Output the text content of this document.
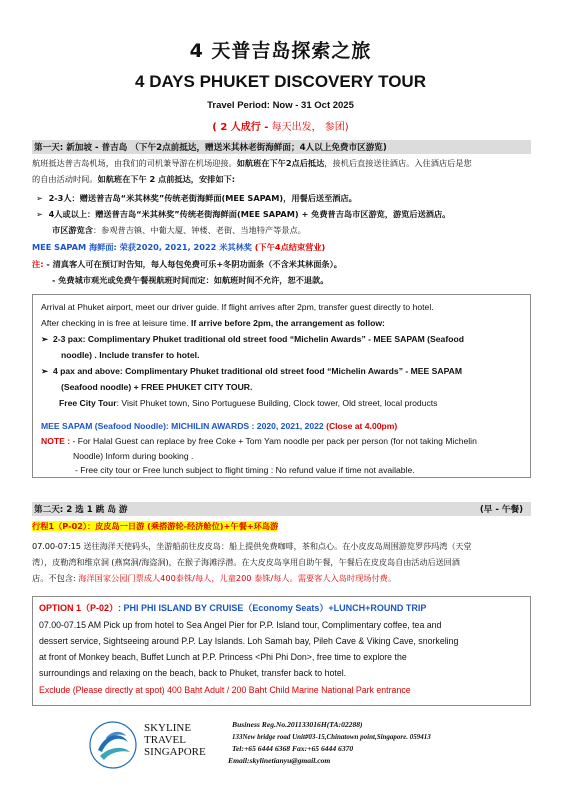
4 天普吉岛探索之旅
4 DAYS PHUKET DISCOVERY TOUR
Travel Period: Now - 31 Oct 2025
( 2 人成行 - 每天出发， 参团)
第一天: 新加坡 - 普吉岛 （下午2点前抵达，赠送米其林老街海鲜面；4人以上免费市区游览)
航班抵达普吉岛机场，由我们的司机兼导游在机场迎接。如航班在下午2点后抵达，接机后直接送往酒店。入住酒店后是您
的自由活动时间。如航班在下午 2 点前抵达，安排如下:
➢ 2-3人：赠送普吉岛“米其林奖”传统老街海鲜面(MEE SAPAM)，用餐后送至酒店。
➢ 4人或以上：赠送普吉岛“米其林奖”传统老街海鲜面(MEE SAPAM) + 免费普吉岛市区游览，游览后送酒店。
市区游览含：参观普吉镇、中葡大厦、钟楼、老街、当地特产等景点。
MEE SAPAM 海鲜面: 荣获2020, 2021, 2022 米其林奖 (下午4点结束营业)
注: - 清真客人可在预订时告知，每人每包免费可乐+冬阴功面条（不含米其林面条）。
- 免费城市观光或免费午餐视航班时间而定：如航班时间不允许，恕不退款。
Arrival at Phuket airport, meet our driver guide. If flight arrives after 2pm, transfer guest directly to hotel.
After checking in is free at leisure time. If arrive before 2pm, the arrangement as follow:
➢ 2-3 pax: Complimentary Phuket traditional old street food “Michelin Awards” - MEE SAPAM (Seafood
noodle) . Include transfer to hotel.
➢ 4 pax and above: Complimentary Phuket traditional old street food “Michelin Awards” - MEE SAPAM
(Seafood noodle) + FREE PHUKET CITY TOUR.
Free City Tour: Visit Phuket town, Sino Portuguese Building, Clock tower, Old street, local products
MEE SAPAM (Seafood Noodle): MICHILIN AWARDS : 2020, 2021, 2022 (Close at 4.00pm)
NOTE : - For Halal Guest can replace by free Coke + Tom Yam noodle per pack per person (for not taking Michelin
Noodle) Inform during booking .
- Free city tour or Free lunch subject to flight timing : No refund value if time not available.
第二天: 2 选 1 跳 岛 游	(早 - 午餐)
行程1（P-02）：皮皮岛一日游 (乘搭游轮-经济舱位)+午餐+环岛游
07.00-07:15 送往海洋天使码头，坐游船前往皮皮岛：船上提供免费咖啡，茶和点心。在小皮皮岛周围游览罗莎玛湾（天堂
湾），皮勒湾和维京洞 (燕窝洞/海盗洞)，在猴子海滩浮潜。在大皮皮岛享用自助午餐，午餐后在皮皮岛自由活动后送回酒
店。不包含: 海洋国家公园门票成人400泰铢/每人，儿童200 泰铢/每人。需要客人入岛时现场付费。
OPTION 1（P-02）: PHI PHI ISLAND BY CRUISE（Economy Seats）+LUNCH+ROUND TRIP
07.00-07.15 AM Pick up from hotel to Sea Angel Pier for P.P. Island tour, Complimentary coffee, tea and
dessert service, Sightseeing around P.P. Lay Islands. Loh Samah bay, Pileh Cave & Viking Cave, snorkeling
at front of Monkey beach, Buffet Lunch at P.P. Princess <Phi Phi Don>, free time to explore the
surroundings and relaxing on the beach, back to Phuket, transfer back to hotel.
Exclude (Please directly at spot) 400 Baht Adult / 200 Baht Child Marine National Park entrance
SKYLINE
TRAVEL
SINGAPORE
Business Reg.No.201133016H(TA:02288)
133New bridge road Unit#03-15,Chinatown point,Singapore. 059413
Tel:+65 6444 6368 Fax:+65 6444 6370
Email:skylinetianyu@gmail.com
